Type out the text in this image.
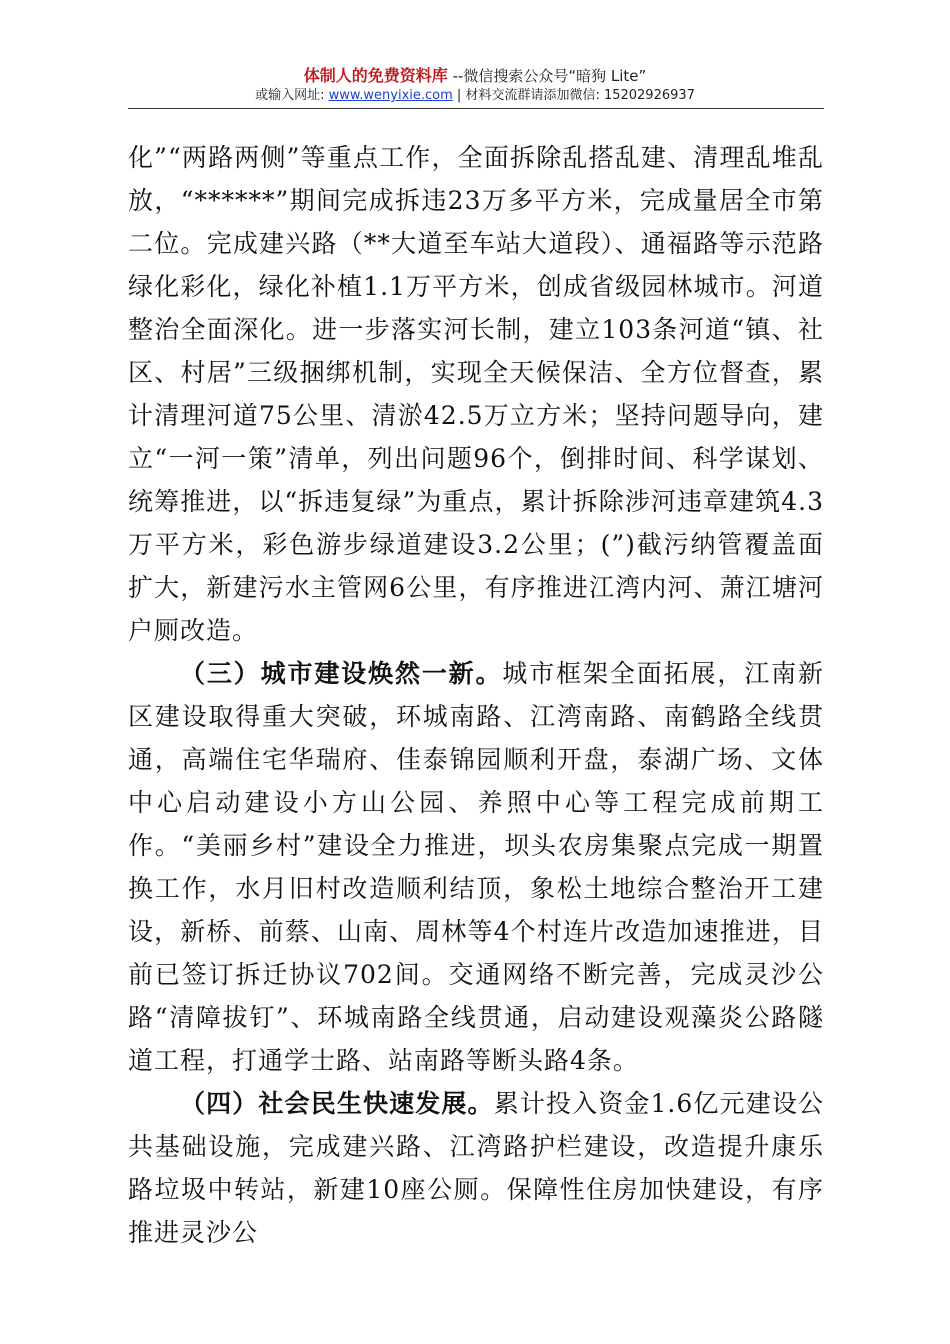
体制人的免费资料库 --微信搜索公众号“暗狗 Lite”
或输入网址: www.wenyixie.com | 材料交流群请添加微信: 15202926937

化”“两路两侧”等重点工作，全面拆除乱搭乱建、清理乱堆乱放，“******”期间完成拆违23万多平方米，完成量居全市第二位。完成建兴路（**大道至车站大道段）、通福路等示范路绿化彩化，绿化补植1.1万平方米，创成省级园林城市。河道整治全面深化。进一步落实河长制，建立103条河道“镇、社区、村居”三级捆绑机制，实现全天候保洁、全方位督查，累计清理河道75公里、清淤42.5万立方米；坚持问题导向，建立“一河一策”清单，列出问题96个，倒排时间、科学谋划、统筹推进，以“拆违复绿”为重点，累计拆除涉河违章建筑4.3万平方米，彩色游步绿道建设3.2公里；(”)截污纳管覆盖面扩大，新建污水主管网6公里，有序推进江湾内河、萧江塘河户厕改造。

（三）城市建设焕然一新。城市框架全面拓展，江南新区建设取得重大突破，环城南路、江湾南路、南鹤路全线贯通，高端住宅华瑞府、佳泰锦园顺利开盘，泰湖广场、文体中心启动建设小方山公园、养照中心等工程完成前期工作。“美丽乡村”建设全力推进，坝头农房集聚点完成一期置换工作，水月旧村改造顺利结顶，象松土地综合整治开工建设，新桥、前蔡、山南、周林等4个村连片改造加速推进，目前已签订拆迁协议702间。交通网络不断完善，完成灵沙公路“清障拔钉”、环城南路全线贯通，启动建设观藻炎公路隧道工程，打通学士路、站南路等断头路4条。

（四）社会民生快速发展。累计投入资金1.6亿元建设公共基础设施，完成建兴路、江湾路护栏建设，改造提升康乐路垃圾中转站，新建10座公厕。保障性住房加快建设，有序推进灵沙公
